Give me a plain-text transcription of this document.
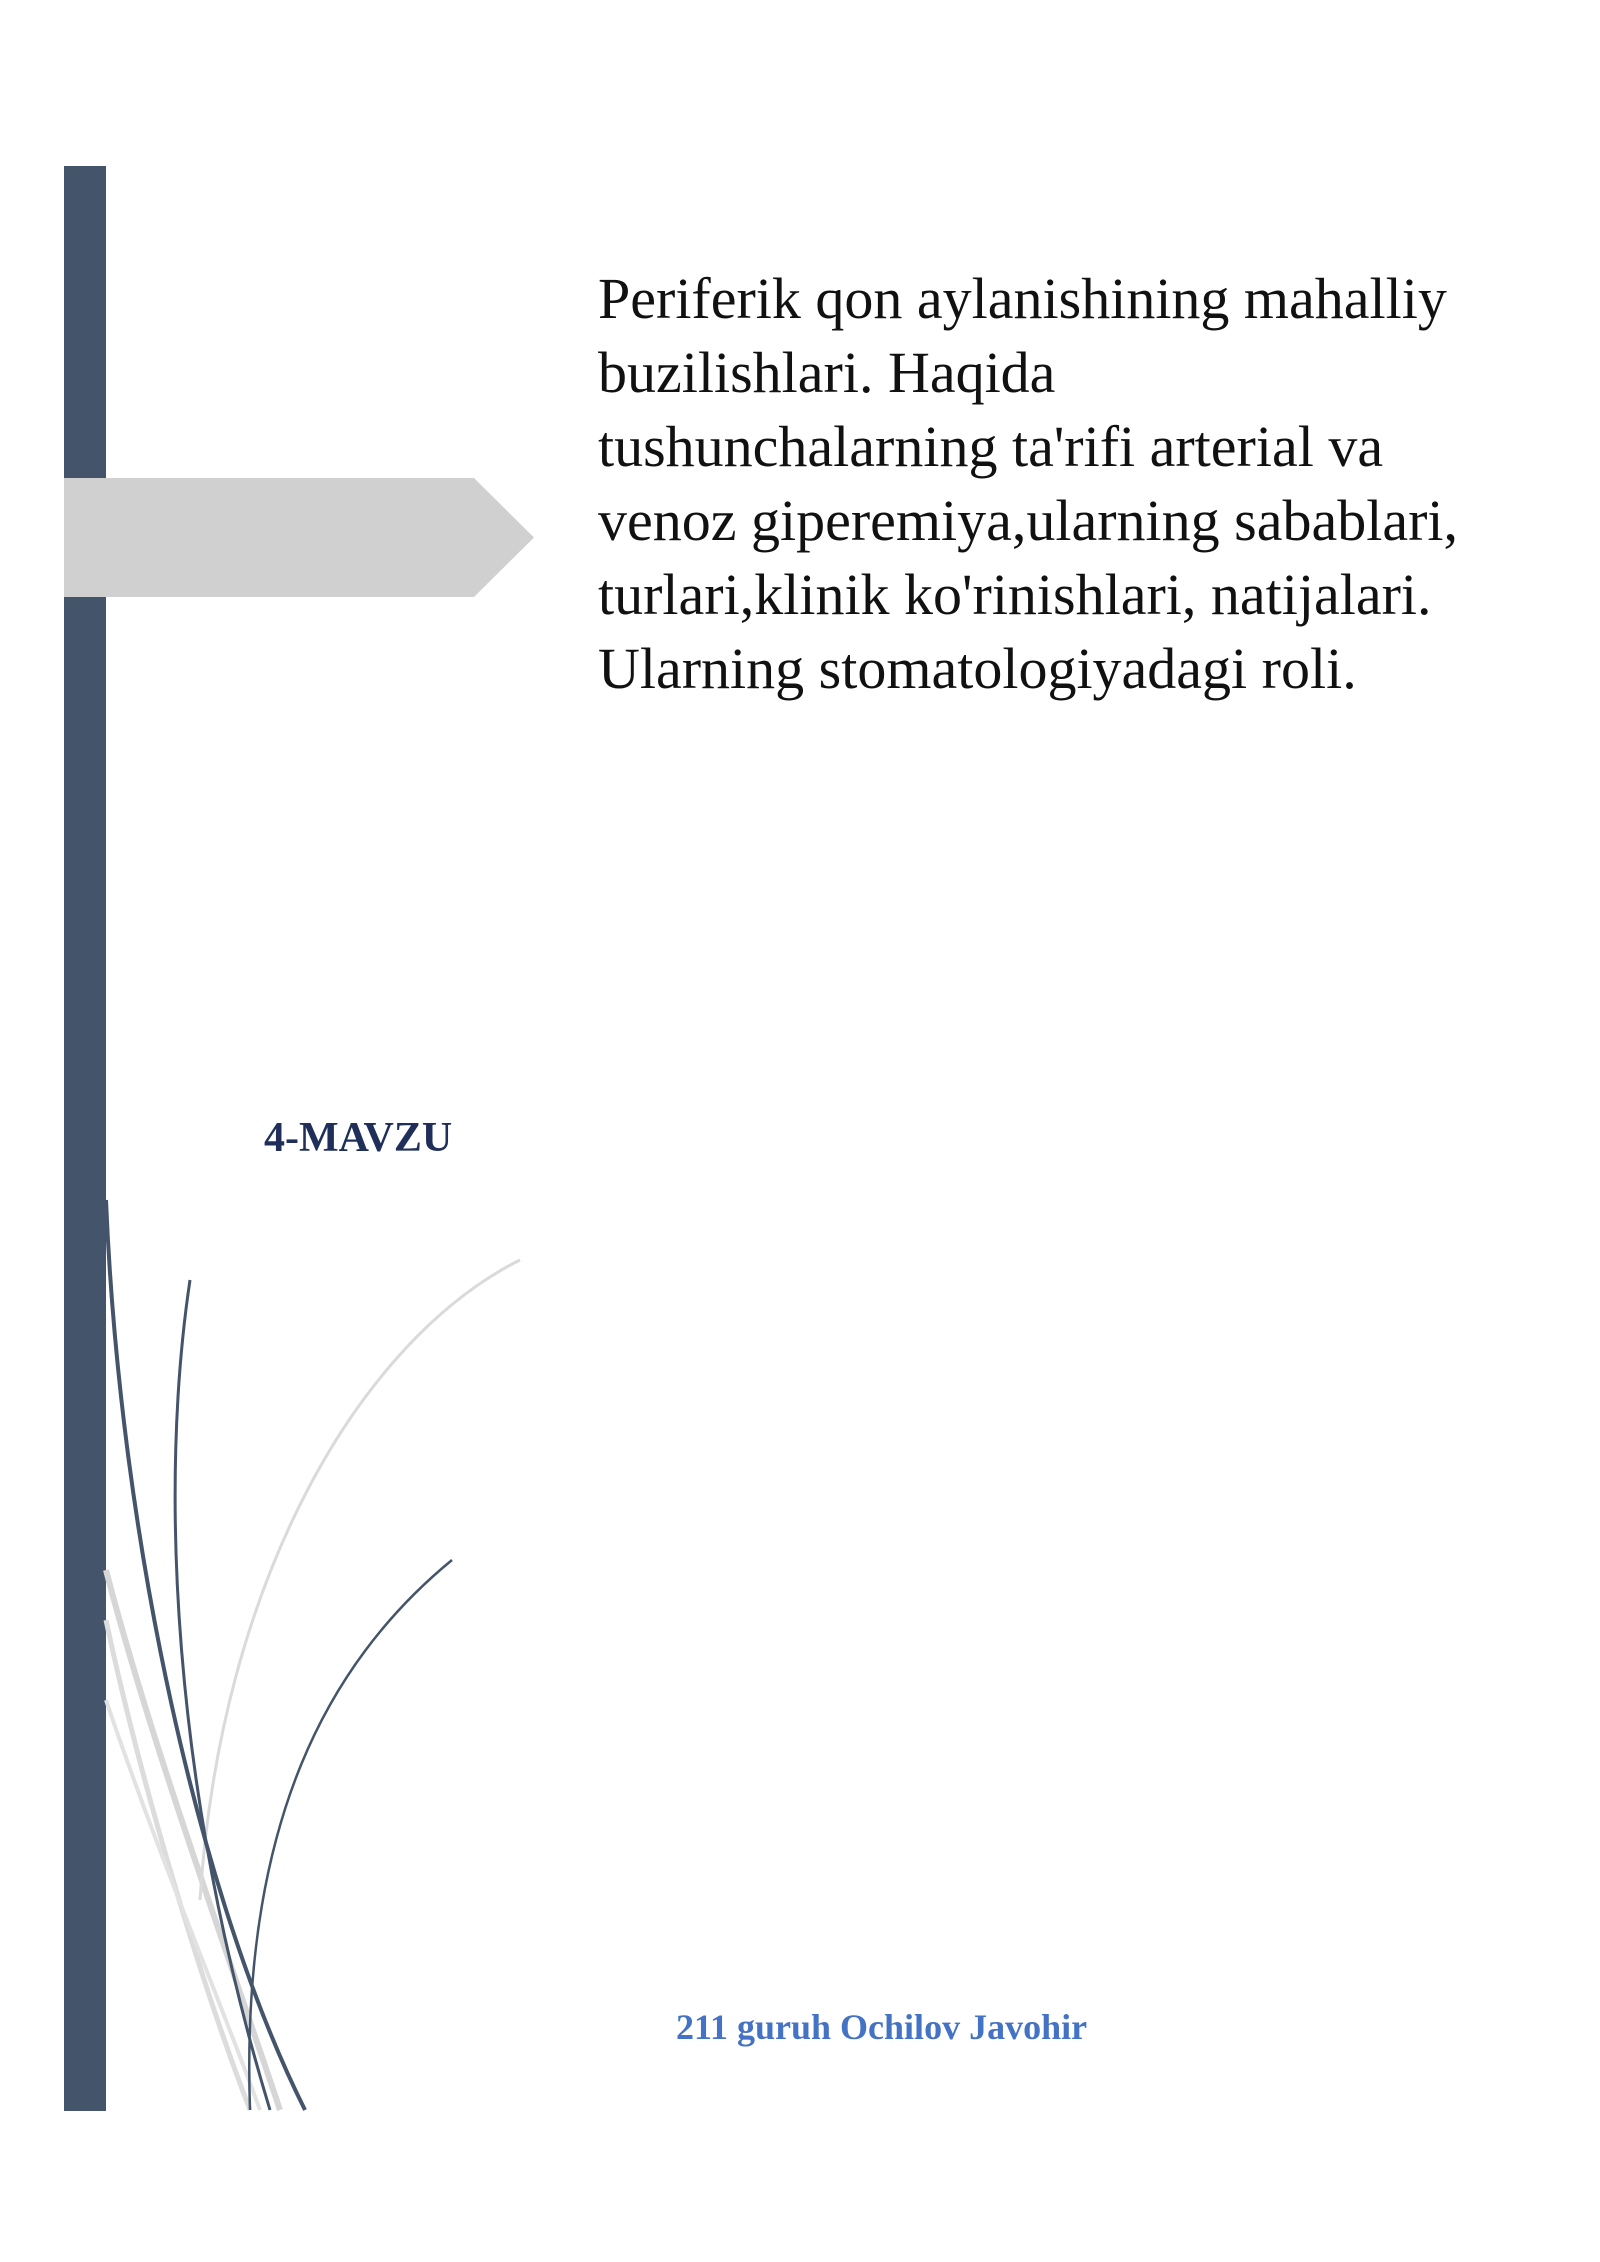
Periferik qon aylanishining mahalliy
buzilishlari. Haqida
tushunchalarning ta'rifi arterial va
venoz giperemiya,ularning sabablari,
turlari,klinik ko'rinishlari, natijalari.
Ularning stomatologiyadagi roli.

4-MAVZU

211 guruh Ochilov Javohir
